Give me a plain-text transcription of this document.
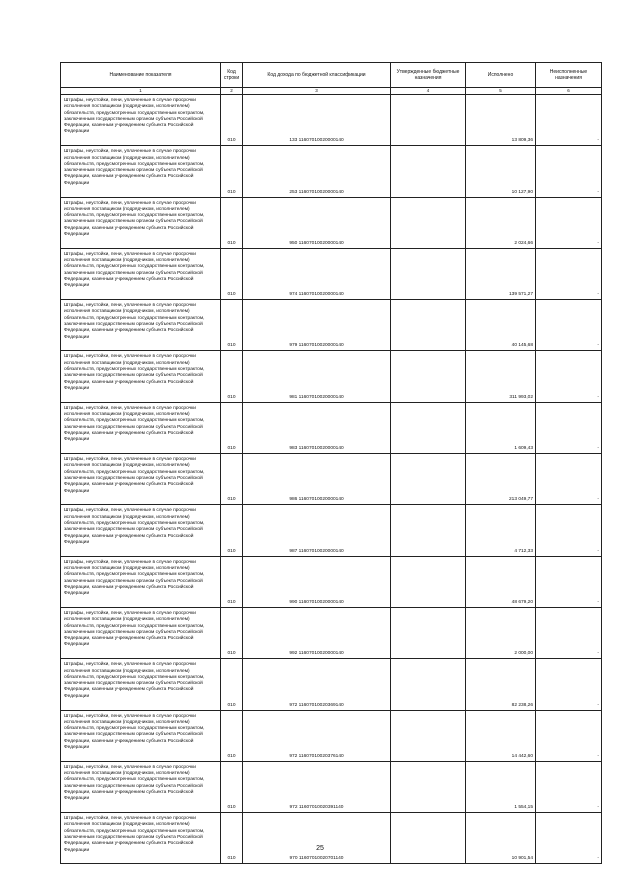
Наименование показателя	Код строки	Код дохода по бюджетной классификации	Утвержденные бюджетные назначения	Исполнено	Неисполненные назначения
1	2	3	4	5	6
Штрафы, неустойки, пени, уплаченные в случае просрочки исполнения поставщиком (подрядчиком, исполнителем) обязательств, предусмотренных государственным контрактом, заключенным государственным органом субъекта Российской Федерации, казенным учреждением субъекта Российской Федерации	010	133 11607010020000140		13 809,36	-
Штрафы, неустойки, пени, уплаченные в случае просрочки исполнения поставщиком (подрядчиком, исполнителем) обязательств, предусмотренных государственным контрактом, заключенным государственным органом субъекта Российской Федерации, казенным учреждением субъекта Российской Федерации	010	253 11607010020000140		10 127,90	-
Штрафы, неустойки, пени, уплаченные в случае просрочки исполнения поставщиком (подрядчиком, исполнителем) обязательств, предусмотренных государственным контрактом, заключенным государственным органом субъекта Российской Федерации, казенным учреждением субъекта Российской Федерации	010	950 11607010020000140		2 024,66	-
Штрафы, неустойки, пени, уплаченные в случае просрочки исполнения поставщиком (подрядчиком, исполнителем) обязательств, предусмотренных государственным контрактом, заключенным государственным органом субъекта Российской Федерации, казенным учреждением субъекта Российской Федерации	010	974 11607010020000140		139 571,27	-
Штрафы, неустойки, пени, уплаченные в случае просрочки исполнения поставщиком (подрядчиком, исполнителем) обязательств, предусмотренных государственным контрактом, заключенным государственным органом субъекта Российской Федерации, казенным учреждением субъекта Российской Федерации	010	979 11607010020000140		40 145,68	-
Штрафы, неустойки, пени, уплаченные в случае просрочки исполнения поставщиком (подрядчиком, исполнителем) обязательств, предусмотренных государственным контрактом, заключенным государственным органом субъекта Российской Федерации, казенным учреждением субъекта Российской Федерации	010	981 11607010020000140		311 993,02	-
Штрафы, неустойки, пени, уплаченные в случае просрочки исполнения поставщиком (подрядчиком, исполнителем) обязательств, предусмотренных государственным контрактом, заключенным государственным органом субъекта Российской Федерации, казенным учреждением субъекта Российской Федерации	010	983 11607010020000140		1 609,43	-
Штрафы, неустойки, пени, уплаченные в случае просрочки исполнения поставщиком (подрядчиком, исполнителем) обязательств, предусмотренных государственным контрактом, заключенным государственным органом субъекта Российской Федерации, казенным учреждением субъекта Российской Федерации	010	986 11607010020000140		213 049,77	-
Штрафы, неустойки, пени, уплаченные в случае просрочки исполнения поставщиком (подрядчиком, исполнителем) обязательств, предусмотренных государственным контрактом, заключенным государственным органом субъекта Российской Федерации, казенным учреждением субъекта Российской Федерации	010	987 11607010020000140		4 712,33	-
Штрафы, неустойки, пени, уплаченные в случае просрочки исполнения поставщиком (подрядчиком, исполнителем) обязательств, предусмотренных государственным контрактом, заключенным государственным органом субъекта Российской Федерации, казенным учреждением субъекта Российской Федерации	010	990 11607010020000140		48 679,20	-
Штрафы, неустойки, пени, уплаченные в случае просрочки исполнения поставщиком (подрядчиком, исполнителем) обязательств, предусмотренных государственным контрактом, заключенным государственным органом субъекта Российской Федерации, казенным учреждением субъекта Российской Федерации	010	992 11607010020000140		2 000,00	-
Штрафы, неустойки, пени, уплаченные в случае просрочки исполнения поставщиком (подрядчиком, исполнителем) обязательств, предусмотренных государственным контрактом, заключенным государственным органом субъекта Российской Федерации, казенным учреждением субъекта Российской Федерации	010	972 11607010020369140		82 238,26	-
Штрафы, неустойки, пени, уплаченные в случае просрочки исполнения поставщиком (подрядчиком, исполнителем) обязательств, предусмотренных государственным контрактом, заключенным государственным органом субъекта Российской Федерации, казенным учреждением субъекта Российской Федерации	010	972 11607010020376140		14 442,60	-
Штрафы, неустойки, пени, уплаченные в случае просрочки исполнения поставщиком (подрядчиком, исполнителем) обязательств, предусмотренных государственным контрактом, заключенным государственным органом субъекта Российской Федерации, казенным учреждением субъекта Российской Федерации	010	972 11607010020391140		1 554,15	-
Штрафы, неустойки, пени, уплаченные в случае просрочки исполнения поставщиком (подрядчиком, исполнителем) обязательств, предусмотренных государственным контрактом, заключенным государственным органом субъекта Российской Федерации, казенным учреждением субъекта Российской Федерации	010	970 11607010020701140		10 901,54	-
25
